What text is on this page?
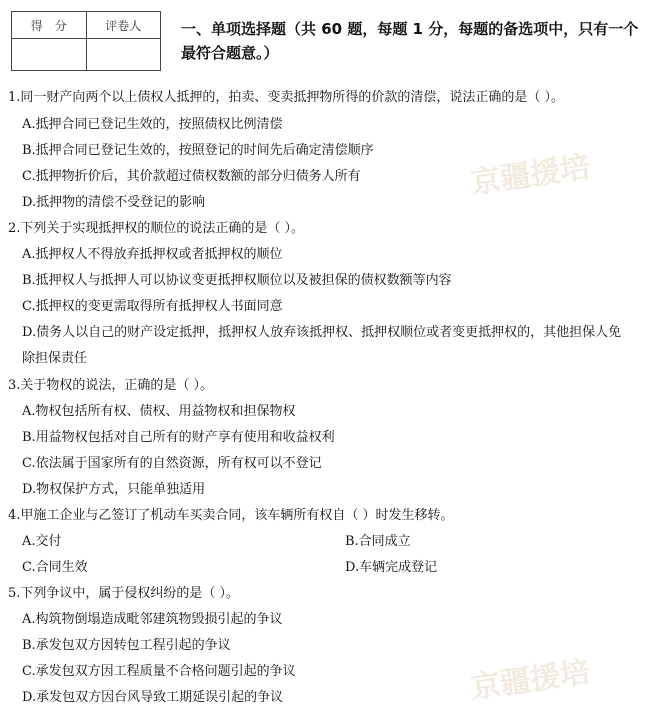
得　分	评卷人
		一、单项选择题（共 60 题，每题 1 分，每题的备选项中，只有一个
最符合题意。）
京疆援培
京疆援培
1.同一财产向两个以上债权人抵押的，拍卖、变卖抵押物所得的价款的清偿，说法正确的是（ ）。
A.抵押合同已登记生效的，按照债权比例清偿
B.抵押合同已登记生效的，按照登记的时间先后确定清偿顺序
C.抵押物折价后，其价款超过债权数额的部分归债务人所有
D.抵押物的清偿不受登记的影响
2.下列关于实现抵押权的顺位的说法正确的是（ ）。
A.抵押权人不得放弃抵押权或者抵押权的顺位
B.抵押权人与抵押人可以协议变更抵押权顺位以及被担保的债权数额等内容
C.抵押权的变更需取得所有抵押权人书面同意
D.债务人以自己的财产设定抵押，抵押权人放弃该抵押权、抵押权顺位或者变更抵押权的，其他担保人免
除担保责任
3.关于物权的说法，正确的是（ ）。
A.物权包括所有权、债权、用益物权和担保物权
B.用益物权包括对自己所有的财产享有使用和收益权利
C.依法属于国家所有的自然资源，所有权可以不登记
D.物权保护方式，只能单独适用
4.甲施工企业与乙签订了机动车买卖合同，该车辆所有权自（ ）时发生移转。
A.交付	B.合同成立
C.合同生效	D.车辆完成登记
5.下列争议中，属于侵权纠纷的是（ ）。
A.构筑物倒塌造成毗邻建筑物毁损引起的争议
B.承发包双方因转包工程引起的争议
C.承发包双方因工程质量不合格问题引起的争议
D.承发包双方因台风导致工期延误引起的争议
